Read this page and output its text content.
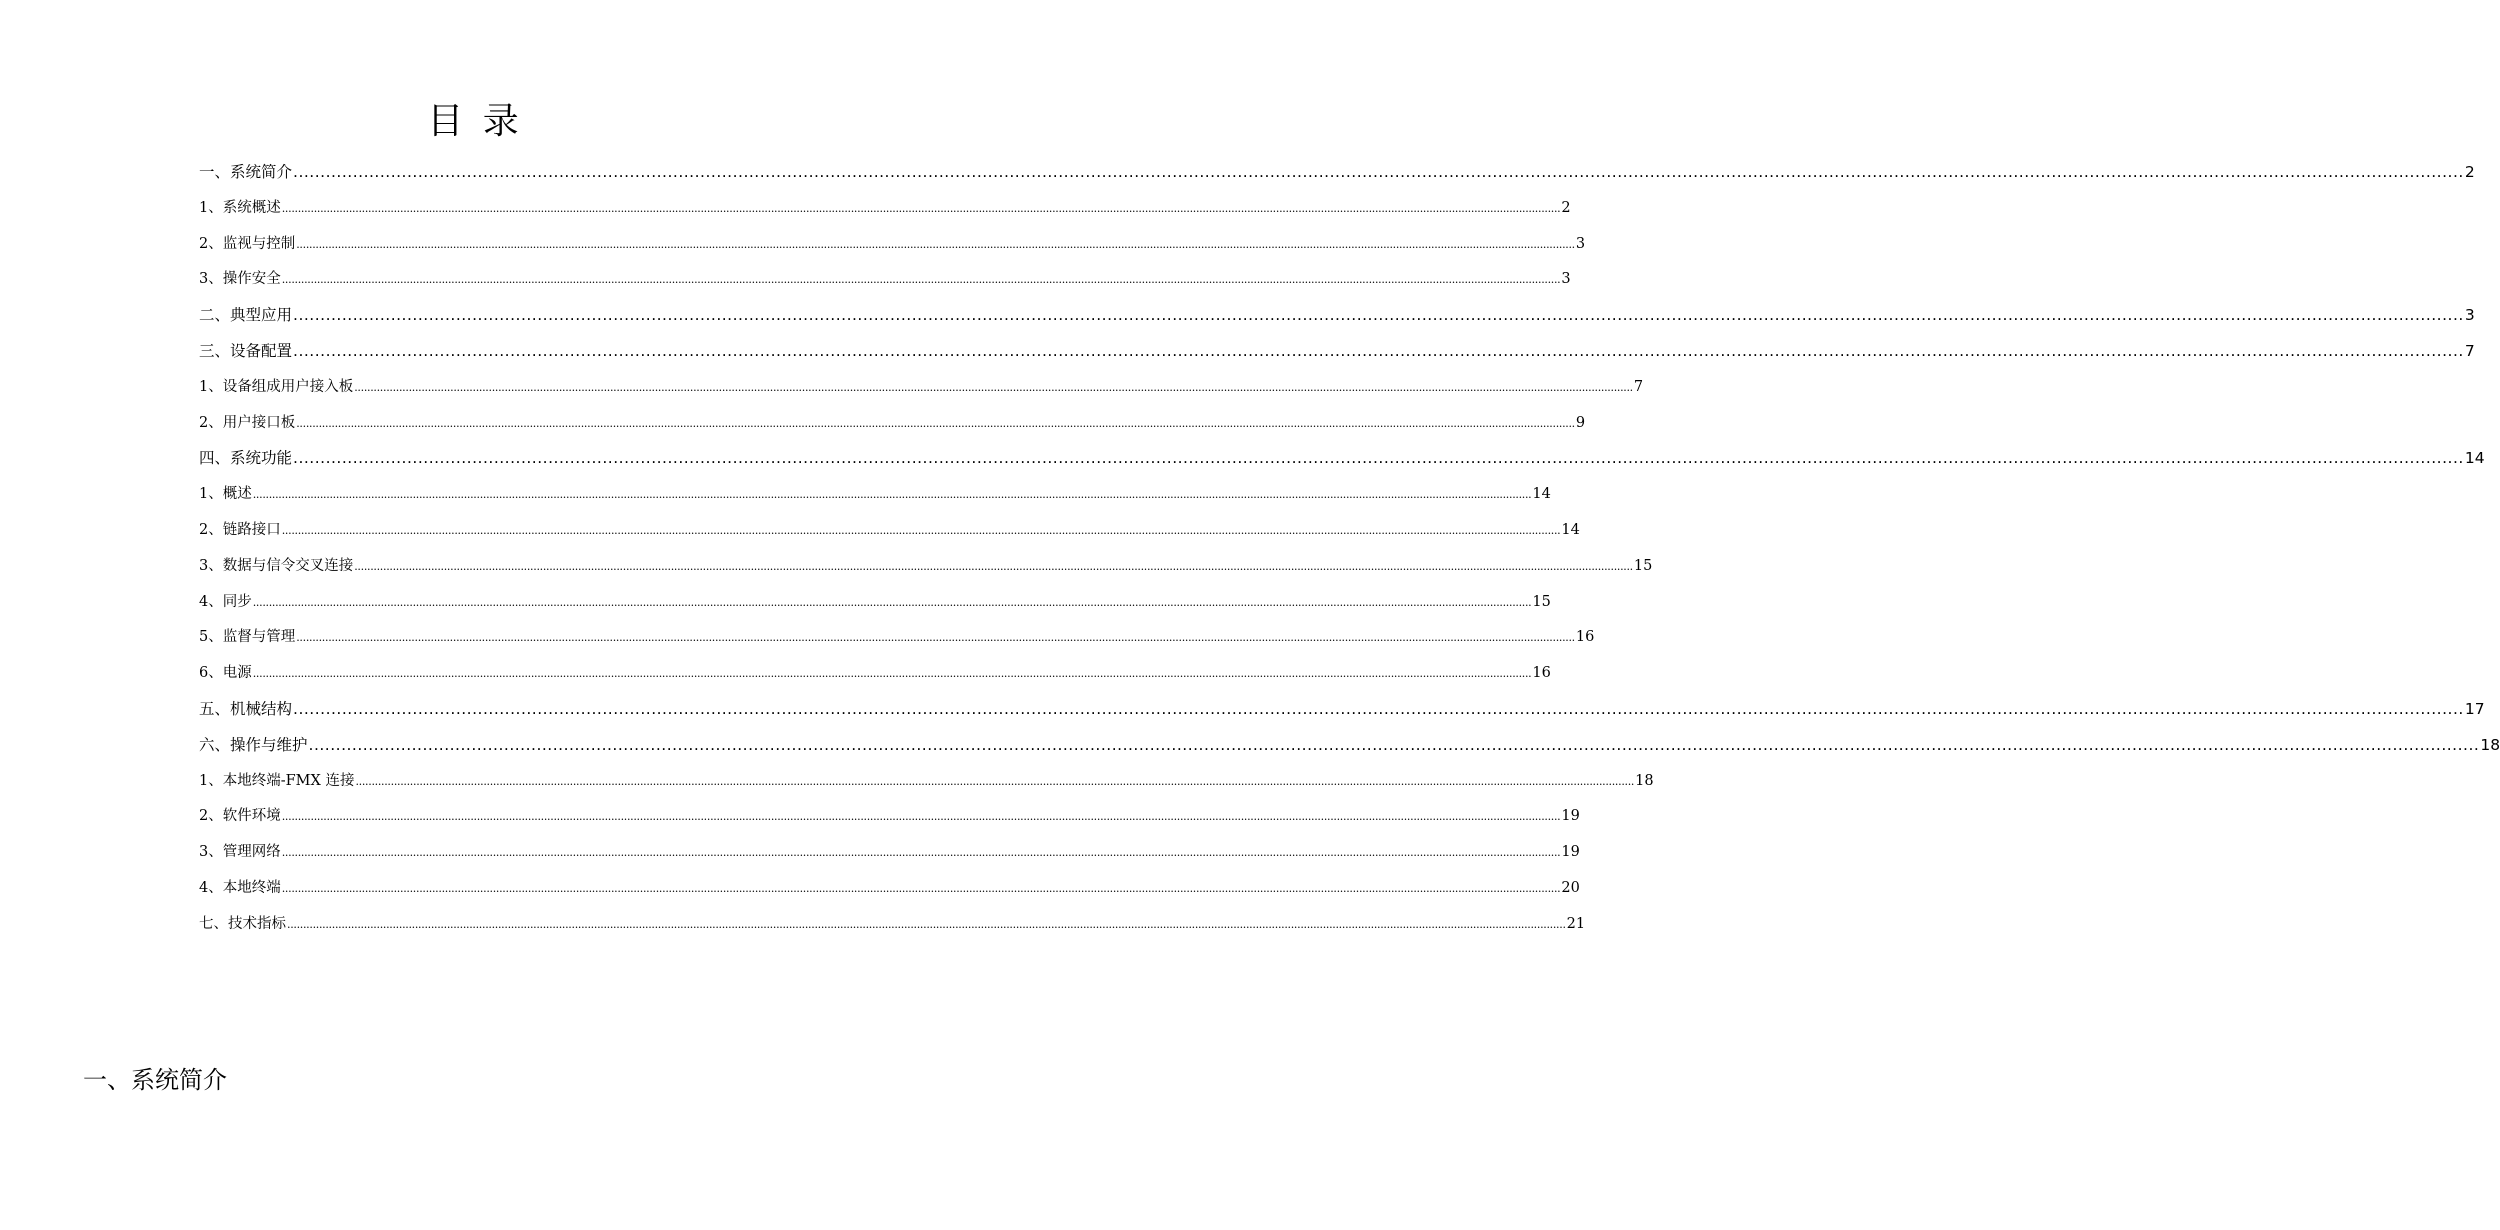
目 录
一、系统简介 ................................................................................................................................................................................................................................................................................................................................................................................................................ 2
1、系统概述 ................................................................................................................................................................................................................................................................................................................................................................................................................ 2
2、监视与控制 ................................................................................................................................................................................................................................................................................................................................................................................................................ 3
3、操作安全 ................................................................................................................................................................................................................................................................................................................................................................................................................ 3
二、典型应用 ................................................................................................................................................................................................................................................................................................................................................................................................................ 3
三、设备配置 ................................................................................................................................................................................................................................................................................................................................................................................................................ 7
1、设备组成用户接入板 ................................................................................................................................................................................................................................................................................................................................................................................................................ 7
2、用户接口板 ................................................................................................................................................................................................................................................................................................................................................................................................................ 9
四、系统功能 ................................................................................................................................................................................................................................................................................................................................................................................................................ 14
1、概述 ................................................................................................................................................................................................................................................................................................................................................................................................................ 14
2、链路接口 ................................................................................................................................................................................................................................................................................................................................................................................................................ 14
3、数据与信令交叉连接 ................................................................................................................................................................................................................................................................................................................................................................................................................ 15
4、同步 ................................................................................................................................................................................................................................................................................................................................................................................................................ 15
5、监督与管理 ................................................................................................................................................................................................................................................................................................................................................................................................................ 16
6、电源 ................................................................................................................................................................................................................................................................................................................................................................................................................ 16
五、机械结构 ................................................................................................................................................................................................................................................................................................................................................................................................................ 17
六、操作与维护 ................................................................................................................................................................................................................................................................................................................................................................................................................ 18
1、本地终端-FMX 连接 ................................................................................................................................................................................................................................................................................................................................................................................................................ 18
2、软件环境 ................................................................................................................................................................................................................................................................................................................................................................................................................ 19
3、管理网络 ................................................................................................................................................................................................................................................................................................................................................................................................................ 19
4、本地终端 ................................................................................................................................................................................................................................................................................................................................................................................................................ 20
七、技术指标 ................................................................................................................................................................................................................................................................................................................................................................................................................ 21
一、系统简介
